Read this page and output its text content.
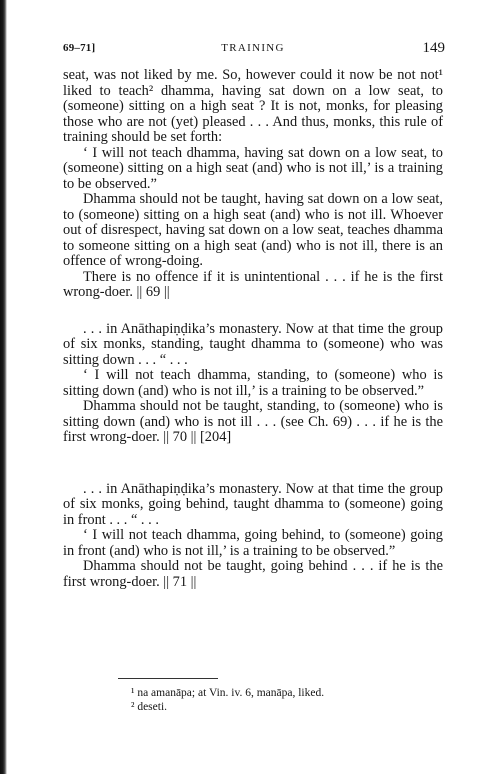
69–71]	TRAINING	149

seat, was not liked by me. So, however could it now be not not¹ liked to teach² dhamma, having sat down on a low seat, to (someone) sitting on a high seat ? It is not, monks, for pleasing those who are not (yet) pleased . . . And thus, monks, this rule of training should be set forth:

‘ I will not teach dhamma, having sat down on a low seat, to (someone) sitting on a high seat (and) who is not ill,’ is a training to be observed.”

Dhamma should not be taught, having sat down on a low seat, to (someone) sitting on a high seat (and) who is not ill. Whoever out of disrespect, having sat down on a low seat, teaches dhamma to someone sitting on a high seat (and) who is not ill, there is an offence of wrong-doing.

There is no offence if it is unintentional . . . if he is the first wrong-doer. || 69 ||

. . . in Anāthapiṇḍika’s monastery. Now at that time the group of six monks, standing, taught dhamma to (someone) who was sitting down . . . “ . . .

‘ I will not teach dhamma, standing, to (someone) who is sitting down (and) who is not ill,’ is a training to be observed.”

Dhamma should not be taught, standing, to (someone) who is sitting down (and) who is not ill . . . (see Ch. 69) . . . if he is the first wrong-doer. || 70 || [204]

. . . in Anāthapiṇḍika’s monastery. Now at that time the group of six monks, going behind, taught dhamma to (someone) going in front . . . “ . . .

‘ I will not teach dhamma, going behind, to (someone) going in front (and) who is not ill,’ is a training to be observed.”

Dhamma should not be taught, going behind . . . if he is the first wrong-doer. || 71 ||

¹ na amanāpa; at Vin. iv. 6, manāpa, liked.
² deseti.
